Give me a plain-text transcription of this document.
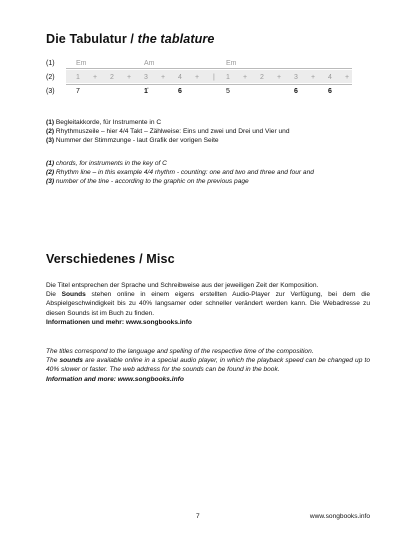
Die Tabulatur / the tablature
(1)	Em	Am	Em
(2)	1 + 2 + 3 + 4 + | 1 + 2 + 3 + 4 +
(3)	7	1̇	6	5	6	6
(1) Begleitakkorde, für Instrumente in C
(2) Rhythmuszeile – hier 4/4 Takt – Zählweise: Eins und zwei und Drei und Vier und
(3) Nummer der Stimmzunge - laut Grafik der vorigen Seite
(1) chords, for instruments in the key of C
(2) Rhythm line – in this example 4/4 rhythm - counting: one and two and three and four and
(3) number of the tine - according to the graphic on the previous page
Verschiedenes / Misc
Die Titel entsprechen der Sprache und Schreibweise aus der jeweiligen Zeit der Komposition.
Die Sounds stehen online in einem eigens erstellten Audio-Player zur Verfügung, bei dem die Abspielgeschwindigkeit bis zu 40% langsamer oder schneller verändert werden kann. Die Webadresse zu diesen Sounds ist im Buch zu finden.
Informationen und mehr: www.songbooks.info
The titles correspond to the language and spelling of the respective time of the composition.
The sounds are available online in a special audio player, in which the playback speed can be changed up to 40% slower or faster. The web address for the sounds can be found in the book.
Information and more: www.songbooks.info
7	www.songbooks.info
